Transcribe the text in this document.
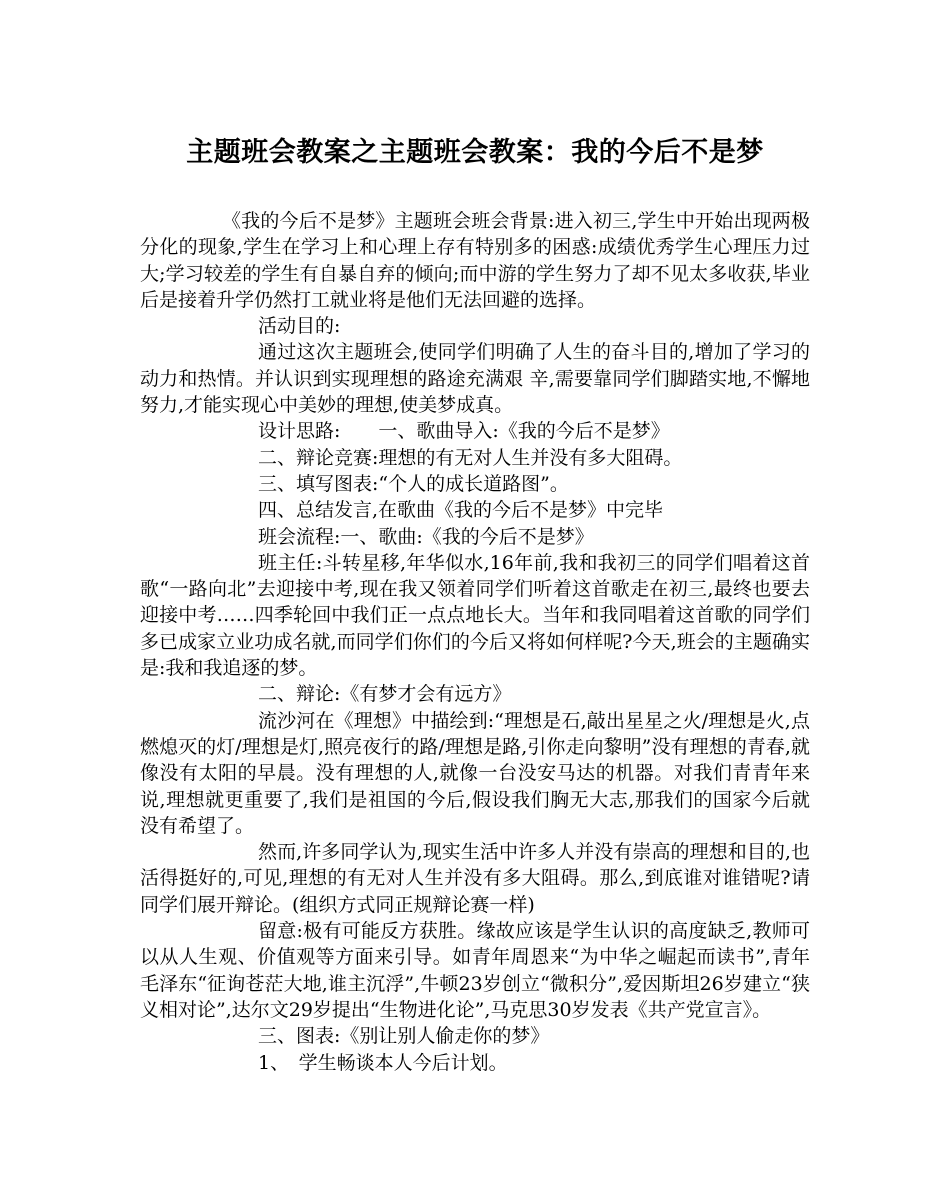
主题班会教案之主题班会教案：我的今后不是梦

《我的今后不是梦》主题班会班会背景:进入初三,学生中开始出现两极分化的现象,学生在学习上和心理上存有特别多的困惑:成绩优秀学生心理压力过大;学习较差的学生有自暴自弃的倾向;而中游的学生努力了却不见太多收获,毕业后是接着升学仍然打工就业将是他们无法回避的选择。

活动目的:

通过这次主题班会,使同学们明确了人生的奋斗目的,增加了学习的动力和热情。并认识到实现理想的路途充满艰 辛,需要靠同学们脚踏实地,不懈地努力,才能实现心中美妙的理想,使美梦成真。

设计思路:　　一、歌曲导入:《我的今后不是梦》

二、辩论竞赛:理想的有无对人生并没有多大阻碍。

三、填写图表:“个人的成长道路图”。

四、总结发言,在歌曲《我的今后不是梦》中完毕

班会流程:一、歌曲:《我的今后不是梦》

班主任:斗转星移,年华似水,16年前,我和我初三的同学们唱着这首歌“一路向北”去迎接中考,现在我又领着同学们听着这首歌走在初三,最终也要去迎接中考……四季轮回中我们正一点点地长大。当年和我同唱着这首歌的同学们多已成家立业功成名就,而同学们你们的今后又将如何样呢?今天,班会的主题确实是:我和我追逐的梦。

二、辩论:《有梦才会有远方》

流沙河在《理想》中描绘到:“理想是石,敲出星星之火/理想是火,点燃熄灭的灯/理想是灯,照亮夜行的路/理想是路,引你走向黎明”没有理想的青春,就像没有太阳的早晨。没有理想的人,就像一台没安马达的机器。对我们青青年来说,理想就更重要了,我们是祖国的今后,假设我们胸无大志,那我们的国家今后就没有希望了。

然而,许多同学认为,现实生活中许多人并没有崇高的理想和目的,也活得挺好的,可见,理想的有无对人生并没有多大阻碍。那么,到底谁对谁错呢?请同学们展开辩论。(组织方式同正规辩论赛一样)

留意:极有可能反方获胜。缘故应该是学生认识的高度缺乏,教师可以从人生观、价值观等方面来引导。如青年周恩来“为中华之崛起而读书”,青年毛泽东“征询苍茫大地,谁主沉浮”,牛顿23岁创立“微积分”,爱因斯坦26岁建立“狭义相对论”,达尔文29岁提出“生物进化论”,马克思30岁发表《共产党宣言》。

三、图表:《别让别人偷走你的梦》

1、　学生畅谈本人今后计划。
